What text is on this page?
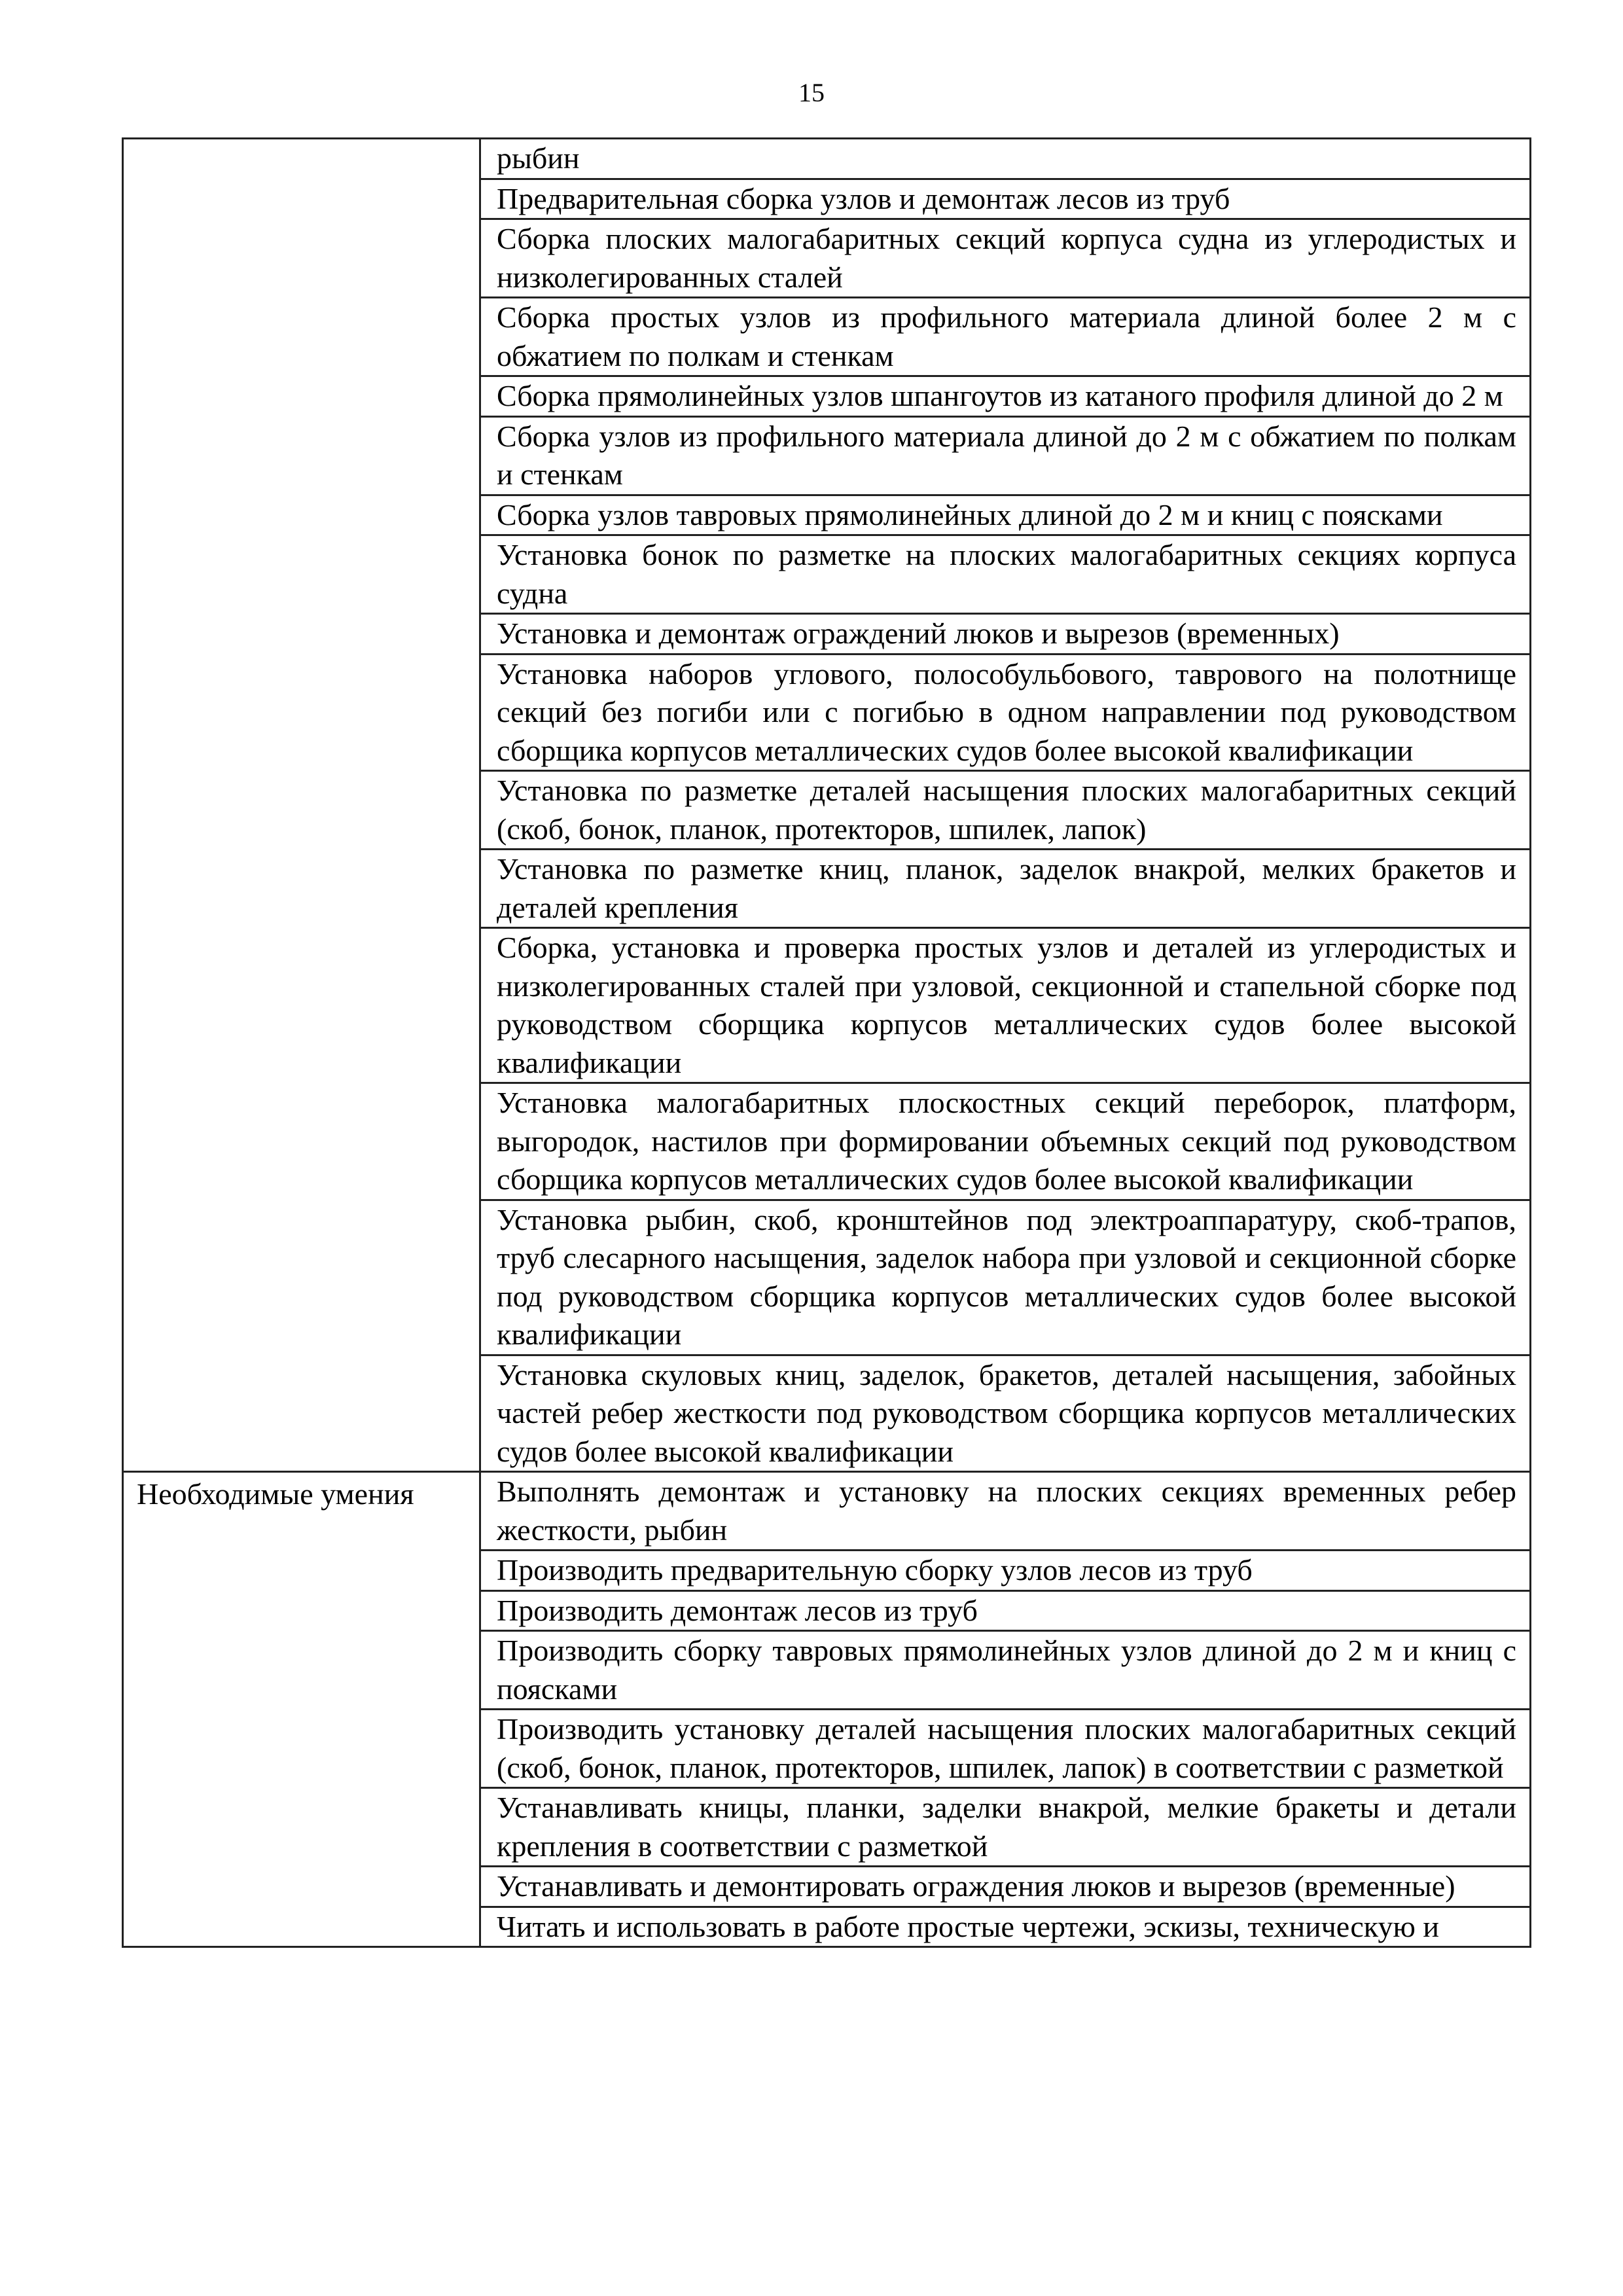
15
	рыбин
	Предварительная сборка узлов и демонтаж лесов из труб
	Сборка плоских малогабаритных секций корпуса судна из углеродистых и низколегированных сталей
	Сборка простых узлов из профильного материала длиной более 2 м с обжатием по полкам и стенкам
	Сборка прямолинейных узлов шпангоутов из катаного профиля длиной до 2 м
	Сборка узлов из профильного материала длиной до 2 м с обжатием по полкам и стенкам
	Сборка узлов тавровых прямолинейных длиной до 2 м и книц с поясками
	Установка бонок по разметке на плоских малогабаритных секциях корпуса судна
	Установка и демонтаж ограждений люков и вырезов (временных)
	Установка наборов углового, полособульбового, таврового на полотнище секций без погиби или с погибью в одном направлении под руководством сборщика корпусов металлических судов более высокой квалификации
	Установка по разметке деталей насыщения плоских малогабаритных секций (скоб, бонок, планок, протекторов, шпилек, лапок)
	Установка по разметке книц, планок, заделок внакрой, мелких бракетов и деталей крепления
	Сборка, установка и проверка простых узлов и деталей из углеродистых и низколегированных сталей при узловой, секционной и стапельной сборке под руководством сборщика корпусов металлических судов более высокой квалификации
	Установка малогабаритных плоскостных секций переборок, платформ, выгородок, настилов при формировании объемных секций под руководством сборщика корпусов металлических судов более высокой квалификации
	Установка рыбин, скоб, кронштейнов под электроаппаратуру, скоб-трапов, труб слесарного насыщения, заделок набора при узловой и секционной сборке под руководством сборщика корпусов металлических судов более высокой квалификации
	Установка скуловых книц, заделок, бракетов, деталей насыщения, забойных частей ребер жесткости под руководством сборщика корпусов металлических судов более высокой квалификации
Необходимые умения	Выполнять демонтаж и установку на плоских секциях временных ребер жесткости, рыбин
	Производить предварительную сборку узлов лесов из труб
	Производить демонтаж лесов из труб
	Производить сборку тавровых прямолинейных узлов длиной до 2 м и книц с поясками
	Производить установку деталей насыщения плоских малогабаритных секций (скоб, бонок, планок, протекторов, шпилек, лапок) в соответствии с разметкой
	Устанавливать кницы, планки, заделки внакрой, мелкие бракеты и детали крепления в соответствии с разметкой
	Устанавливать и демонтировать ограждения люков и вырезов (временные)
	Читать и использовать в работе простые чертежи, эскизы, техническую и
